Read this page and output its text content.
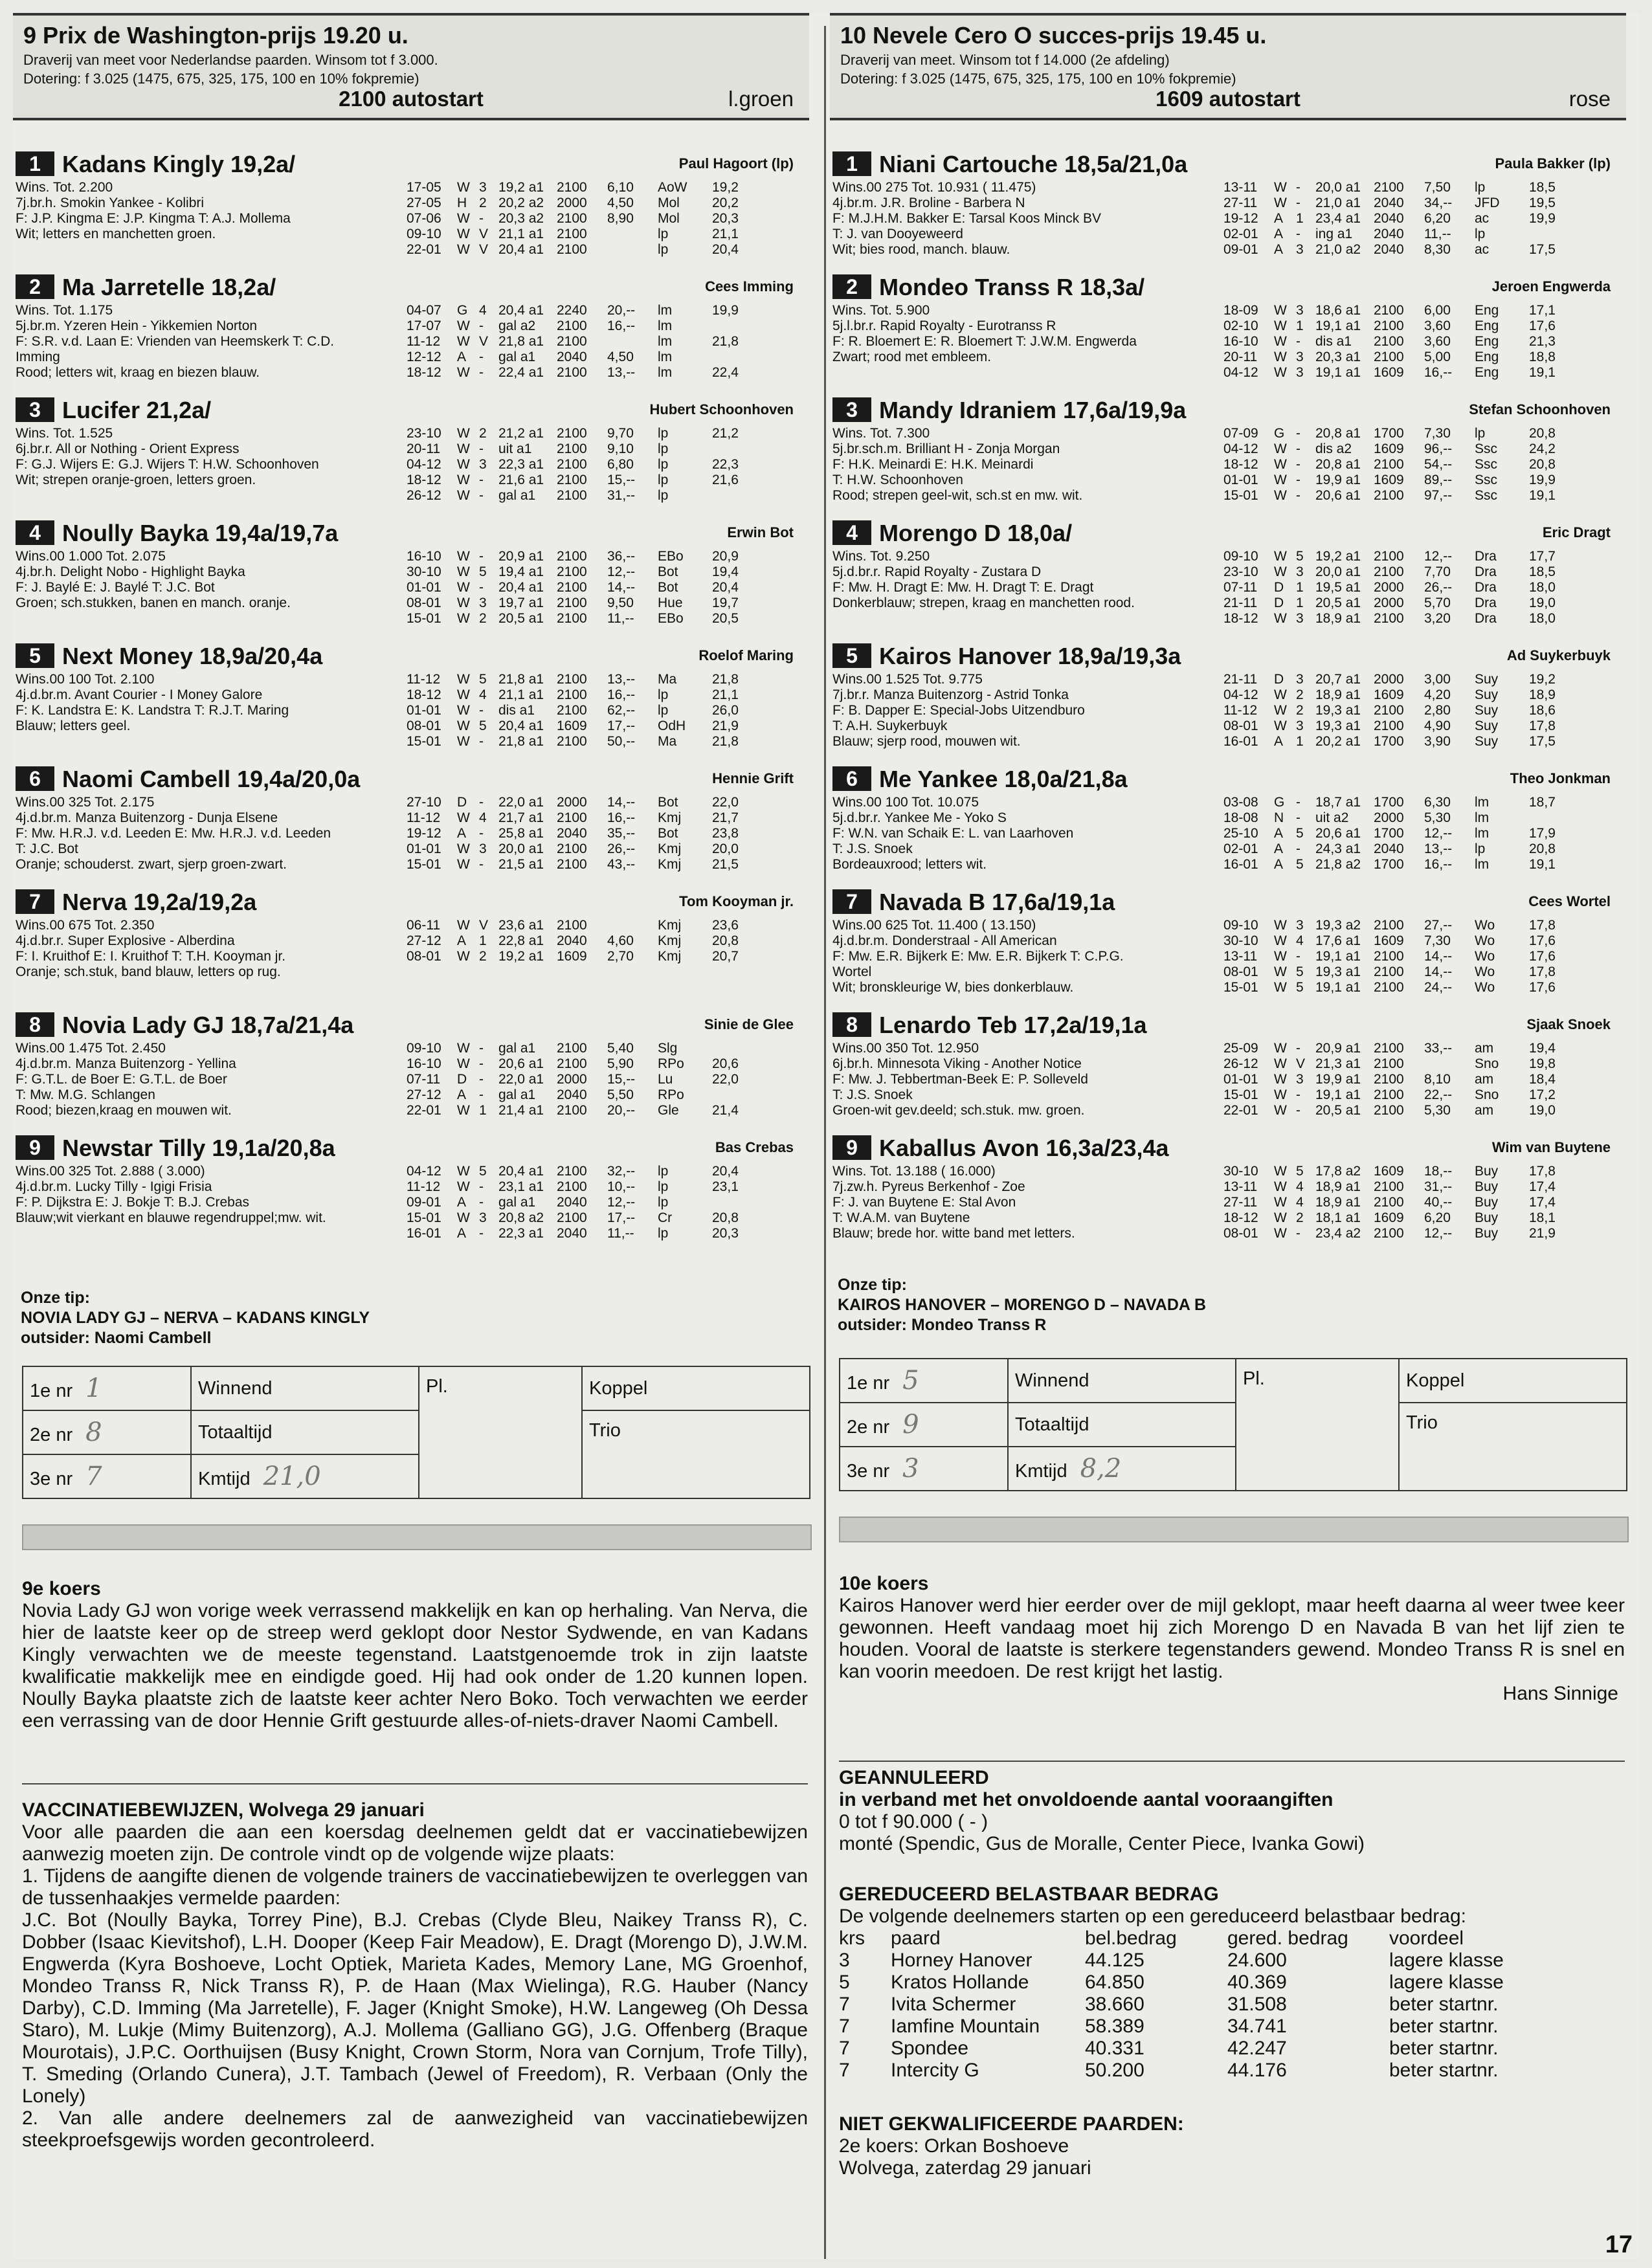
9 Prix de Washington-prijs 19.20 u.
Draverij van meet voor Nederlandse paarden. Winsom tot f 3.000.
Dotering: f 3.025 (1475, 675, 325, 175, 100 en 10% fokpremie)
2100 autostart	l.groen
1 Kadans Kingly 19,2a/	Paul Hagoort (lp)
Wins. Tot. 2.200
7j.br.h. Smokin Yankee - Kolibri
F: J.P. Kingma E: J.P. Kingma T: A.J. Mollema
Wit; letters en manchetten groen.
17-05	W 3 19,2 a1 2100	6,10	AoW	19,2
27-05	H 2 20,2 a2 2000	4,50	Mol	20,2
07-06	W -	20,3 a2 2100	8,90	Mol	20,3
09-10	W V 21,1 a1 2100	lp	21,1
22-01	W V 20,4 a1 2100	lp	20,4
2 Ma Jarretelle 18,2a/	Cees Imming
Wins. Tot. 1.175
5j.br.m. Yzeren Hein - Yikkemien Norton
F: S.R. v.d. Laan E: Vrienden van Heemskerk T: C.D.
Imming
Rood; letters wit, kraag en biezen blauw.
04-07	G 4 20,4 a1 2240	20,--	lm	19,9
17-07	W -	gal a2	2100	16,--	lm
11-12	W V 21,8 a1 2100	lm	21,8
12-12	A -	gal a1	2040	4,50	lm
18-12	W -	22,4 a1 2100	13,--	lm	22,4
3 Lucifer 21,2a/	Hubert Schoonhoven
Wins. Tot. 1.525
6j.br.r. All or Nothing - Orient Express
F: G.J. Wijers E: G.J. Wijers T: H.W. Schoonhoven
Wit; strepen oranje-groen, letters groen.
23-10	W 2 21,2 a1 2100	9,70	lp	21,2
20-11	W -	uit a1	2100	9,10	lp
04-12	W 3 22,3 a1 2100	6,80	lp	22,3
18-12	W -	21,6 a1 2100	15,--	lp	21,6
26-12	W -	gal a1	2100	31,--	lp
4 Noully Bayka 19,4a/19,7a	Erwin Bot
Wins.00 1.000 Tot. 2.075
4j.br.h. Delight Nobo - Highlight Bayka
F: J. Baylé E: J. Baylé T: J.C. Bot
Groen; sch.stukken, banen en manch. oranje.
16-10	W -	20,9 a1 2100	36,--	EBo	20,9
30-10	W 5 19,4 a1 2100	12,--	Bot	19,4
01-01	W -	20,4 a1 2100	14,--	Bot	20,4
08-01	W 3 19,7 a1 2100	9,50	Hue	19,7
15-01	W 2 20,5 a1 2100	11,--	EBo	20,5
5 Next Money 18,9a/20,4a	Roelof Maring
Wins.00 100 Tot. 2.100
4j.d.br.m. Avant Courier - I Money Galore
F: K. Landstra E: K. Landstra T: R.J.T. Maring
Blauw; letters geel.
11-12	W 5 21,8 a1 2100	13,--	Ma	21,8
18-12	W 4 21,1 a1 2100	16,--	lp	21,1
01-01	W -	dis a1	2100	62,--	lp	26,0
08-01	W 5 20,4 a1 1609	17,--	OdH	21,9
15-01	W -	21,8 a1 2100	50,--	Ma	21,8
6 Naomi Cambell 19,4a/20,0a	Hennie Grift
Wins.00 325 Tot. 2.175
4j.d.br.m. Manza Buitenzorg - Dunja Elsene
F: Mw. H.R.J. v.d. Leeden E: Mw. H.R.J. v.d. Leeden
T: J.C. Bot
Oranje; schouderst. zwart, sjerp groen-zwart.
27-10	D -	22,0 a1 2000	14,--	Bot	22,0
11-12	W 4 21,7 a1 2100	16,--	Kmj	21,7
19-12	A -	25,8 a1 2040	35,--	Bot	23,8
01-01	W 3 20,0 a1 2100	26,--	Kmj	20,0
15-01	W -	21,5 a1 2100	43,--	Kmj	21,5
7 Nerva 19,2a/19,2a	Tom Kooyman jr.
Wins.00 675 Tot. 2.350
4j.d.br.r. Super Explosive - Alberdina
F: I. Kruithof E: I. Kruithof T: T.H. Kooyman jr.
Oranje; sch.stuk, band blauw, letters op rug.
06-11	W V 23,6 a1 2100	Kmj	23,6
27-12	A 1 22,8 a1 2040	4,60	Kmj	20,8
08-01	W 2 19,2 a1 1609	2,70	Kmj	20,7
8 Novia Lady GJ 18,7a/21,4a	Sinie de Glee
Wins.00 1.475 Tot. 2.450
4j.d.br.m. Manza Buitenzorg - Yellina
F: G.T.L. de Boer E: G.T.L. de Boer
T: Mw. M.G. Schlangen
Rood; biezen,kraag en mouwen wit.
09-10	W -	gal a1	2100	5,40	Slg
16-10	W -	20,6 a1 2100	5,90	RPo	20,6
07-11	D -	22,0 a1 2000	15,--	Lu	22,0
27-12	A -	gal a1	2040	5,50	RPo
22-01	W 1 21,4 a1 2100	20,--	Gle	21,4
9 Newstar Tilly 19,1a/20,8a	Bas Crebas
Wins.00 325 Tot. 2.888 ( 3.000)
4j.d.br.m. Lucky Tilly - Igigi Frisia
F: P. Dijkstra E: J. Bokje T: B.J. Crebas
Blauw;wit vierkant en blauwe regendruppel;mw. wit.
04-12	W 5 20,4 a1 2100	32,--	lp	20,4
11-12	W -	23,1 a1 2100	10,--	lp	23,1
09-01	A -	gal a1	2040	12,--	lp
15-01	W 3 20,8 a2 2100	17,--	Cr	20,8
16-01	A -	22,3 a1 2040	11,--	lp	20,3
Onze tip:
NOVIA LADY GJ – NERVA – KADANS KINGLY
outsider: Naomi Cambell
1e nr 1	Winnend	Pl.	Koppel
2e nr 8	Totaaltijd		Trio
3e nr 7	Kmtijd 21,0		

9e koers

Novia Lady GJ won vorige week verrassend makkelijk en kan op herhaling. Van Nerva, die hier de laatste keer op de streep werd geklopt door Nestor Sydwende, en van Kadans Kingly verwachten we de meeste tegenstand. Laatstgenoemde trok in zijn laatste kwalificatie makkelijk mee en eindigde goed. Hij had ook onder de 1.20 kunnen lopen. Noully Bayka plaatste zich de laatste keer achter Nero Boko. Toch verwachten we eerder een verrassing van de door Hennie Grift gestuurde alles-of-niets-draver Naomi Cambell.

VACCINATIEBEWIJZEN, Wolvega 29 januari

Voor alle paarden die aan een koersdag deelnemen geldt dat er vaccinatiebewijzen aanwezig moeten zijn. De controle vindt op de volgende wijze plaats:

1. Tijdens de aangifte dienen de volgende trainers de vaccinatiebewijzen te overleggen van de tussenhaakjes vermelde paarden:

J.C. Bot (Noully Bayka, Torrey Pine), B.J. Crebas (Clyde Bleu, Naikey Transs R), C. Dobber (Isaac Kievitshof), L.H. Dooper (Keep Fair Meadow), E. Dragt (Morengo D), J.W.M. Engwerda (Kyra Boshoeve, Locht Optiek, Marieta Kades, Memory Lane, MG Groenhof, Mondeo Transs R, Nick Transs R), P. de Haan (Max Wielinga), R.G. Hauber (Nancy Darby), C.D. Imming (Ma Jarretelle), F. Jager (Knight Smoke), H.W. Langeweg (Oh Dessa Staro), M. Lukje (Mimy Buitenzorg), A.J. Mollema (Galliano GG), J.G. Offenberg (Braque Mourotais), J.P.C. Oorthuijsen (Busy Knight, Crown Storm, Nora van Cornjum, Trofe Tilly), T. Smeding (Orlando Cunera), J.T. Tambach (Jewel of Freedom), R. Verbaan (Only the Lonely)

2. Van alle andere deelnemers zal de aanwezigheid van vaccinatiebewijzen steekproefsgewijs worden gecontroleerd.

10 Nevele Cero O succes-prijs 19.45 u.
Draverij van meet. Winsom tot f 14.000 (2e afdeling)
Dotering: f 3.025 (1475, 675, 325, 175, 100 en 10% fokpremie)
1609 autostart	rose
1 Niani Cartouche 18,5a/21,0a	Paula Bakker (lp)
Wins.00 275 Tot. 10.931 ( 11.475)
4j.br.m. J.R. Broline - Barbera N
F: M.J.H.M. Bakker E: Tarsal Koos Minck BV
T: J. van Dooyeweerd
Wit; bies rood, manch. blauw.
13-11	W -	20,0 a1 2100	7,50	lp	18,5
27-11	W -	21,0 a1 2040	34,--	JFD	19,5
19-12	A 1 23,4 a1 2040	6,20	ac	19,9
02-01	A -	ing a1	2040	11,--	lp
09-01	A 3 21,0 a2 2040	8,30	ac	17,5
2 Mondeo Transs R 18,3a/	Jeroen Engwerda
Wins. Tot. 5.900
5j.l.br.r. Rapid Royalty - Eurotranss R
F: R. Bloemert E: R. Bloemert T: J.W.M. Engwerda
Zwart; rood met embleem.
18-09	W 3 18,6 a1 2100	6,00	Eng	17,1
02-10	W 1 19,1 a1 2100	3,60	Eng	17,6
16-10	W -	dis a1	2100	3,60	Eng	21,3
20-11	W 3 20,3 a1 2100	5,00	Eng	18,8
04-12	W 3 19,1 a1 1609	16,--	Eng	19,1
3 Mandy Idraniem 17,6a/19,9a	Stefan Schoonhoven
Wins. Tot. 7.300
5j.br.sch.m. Brilliant H - Zonja Morgan
F: H.K. Meinardi E: H.K. Meinardi
T: H.W. Schoonhoven
Rood; strepen geel-wit, sch.st en mw. wit.
07-09	G -	20,8 a1 1700	7,30	lp	20,8
04-12	W -	dis a2	1609	96,--	Ssc	24,2
18-12	W -	20,8 a1 2100	54,--	Ssc	20,8
01-01	W -	19,9 a1 1609	89,--	Ssc	19,9
15-01	W -	20,6 a1 2100	97,--	Ssc	19,1
4 Morengo D 18,0a/	Eric Dragt
Wins. Tot. 9.250
5j.d.br.r. Rapid Royalty - Zustara D
F: Mw. H. Dragt E: Mw. H. Dragt T: E. Dragt
Donkerblauw; strepen, kraag en manchetten rood.
09-10	W 5 19,2 a1 2100	12,--	Dra	17,7
23-10	W 3 20,0 a1 2100	7,70	Dra	18,5
07-11	D 1 19,5 a1 2000	26,--	Dra	18,0
21-11	D 1 20,5 a1 2000	5,70	Dra	19,0
18-12	W 3 18,9 a1 2100	3,20	Dra	18,0
5 Kairos Hanover 18,9a/19,3a	Ad Suykerbuyk
Wins.00 1.525 Tot. 9.775
7j.br.r. Manza Buitenzorg - Astrid Tonka
F: B. Dapper E: Special-Jobs Uitzendburo
T: A.H. Suykerbuyk
Blauw; sjerp rood, mouwen wit.
21-11	D 3 20,7 a1 2000	3,00	Suy	19,2
04-12	W 2 18,9 a1 1609	4,20	Suy	18,9
11-12	W 2 19,3 a1 2100	2,80	Suy	18,6
08-01	W 3 19,3 a1 2100	4,90	Suy	17,8
16-01	A 1 20,2 a1 1700	3,90	Suy	17,5
6 Me Yankee 18,0a/21,8a	Theo Jonkman
Wins.00 100 Tot. 10.075
5j.d.br.r. Yankee Me - Yoko S
F: W.N. van Schaik E: L. van Laarhoven
T: J.S. Snoek
Bordeauxrood; letters wit.
03-08	G -	18,7 a1 1700	6,30	lm	18,7
18-08	N -	uit a2	2000	5,30	lm
25-10	A 5 20,6 a1 1700	12,--	lm	17,9
02-01	A -	24,3 a1 2040	13,--	lp	20,8
16-01	A 5 21,8 a2 1700	16,--	lm	19,1
7 Navada B 17,6a/19,1a	Cees Wortel
Wins.00 625 Tot. 11.400 ( 13.150)
4j.d.br.m. Donderstraal - All American
F: Mw. E.R. Bijkerk E: Mw. E.R. Bijkerk T: C.P.G.
Wortel
Wit; bronskleurige W, bies donkerblauw.
09-10	W 3 19,3 a2 2100	27,--	Wo	17,8
30-10	W 4 17,6 a1 1609	7,30	Wo	17,6
13-11	W -	19,1 a1 2100	14,--	Wo	17,6
08-01	W 5 19,3 a1 2100	14,--	Wo	17,8
15-01	W 5 19,1 a1 2100	24,--	Wo	17,6
8 Lenardo Teb 17,2a/19,1a	Sjaak Snoek
Wins.00 350 Tot. 12.950
6j.br.h. Minnesota Viking - Another Notice
F: Mw. J. Tebbertman-Beek E: P. Solleveld
T: J.S. Snoek
Groen-wit gev.deeld; sch.stuk. mw. groen.
25-09	W -	20,9 a1 2100	33,--	am	19,4
26-12	W V 21,3 a1 2100	Sno	19,8
01-01	W 3 19,9 a1 2100	8,10	am	18,4
15-01	W -	19,1 a1 2100	22,--	Sno	17,2
22-01	W -	20,5 a1 2100	5,30	am	19,0
9 Kaballus Avon 16,3a/23,4a	Wim van Buytene
Wins. Tot. 13.188 ( 16.000)
7j.zw.h. Pyreus Berkenhof - Zoe
F: J. van Buytene E: Stal Avon
T: W.A.M. van Buytene
Blauw; brede hor. witte band met letters.
30-10	W 5 17,8 a2 1609	18,--	Buy	17,8
13-11	W 4 18,9 a1 2100	31,--	Buy	17,4
27-11	W 4 18,9 a1 2100	40,--	Buy	17,4
18-12	W 2 18,1 a1 1609	6,20	Buy	18,1
08-01	W -	23,4 a2 2100	12,--	Buy	21,9
Onze tip:
KAIROS HANOVER – MORENGO D – NAVADA B
outsider: Mondeo Transs R
1e nr 5	Winnend	Pl.	Koppel
2e nr 9	Totaaltijd		Trio
3e nr 3	Kmtijd 8,2		

10e koers

Kairos Hanover werd hier eerder over de mijl geklopt, maar heeft daarna al weer twee keer gewonnen. Heeft vandaag moet hij zich Morengo D en Navada B van het lijf zien te houden. Vooral de laatste is sterkere tegenstanders gewend. Mondeo Transs R is snel en kan voorin meedoen. De rest krijgt het lastig.

Hans Sinnige

GEANNULEERD

in verband met het onvoldoende aantal vooraangiften

0 tot f 90.000 ( - )

monté (Spendic, Gus de Moralle, Center Piece, Ivanka Gowi)

GEREDUCEERD BELASTBAAR BEDRAG

De volgende deelnemers starten op een gereduceerd belastbaar bedrag:

krs	paard	bel.bedrag	gered. bedrag	voordeel
3	Horney Hanover	44.125	24.600	lagere klasse
5	Kratos Hollande	64.850	40.369	lagere klasse
7	Ivita Schermer	38.660	31.508	beter startnr.
7	Iamfine Mountain	58.389	34.741	beter startnr.
7	Spondee	40.331	42.247	beter startnr.
7	Intercity G	50.200	44.176	beter startnr.

NIET GEKWALIFICEERDE PAARDEN:

2e koers: Orkan Boshoeve

Wolvega, zaterdag 29 januari

17
